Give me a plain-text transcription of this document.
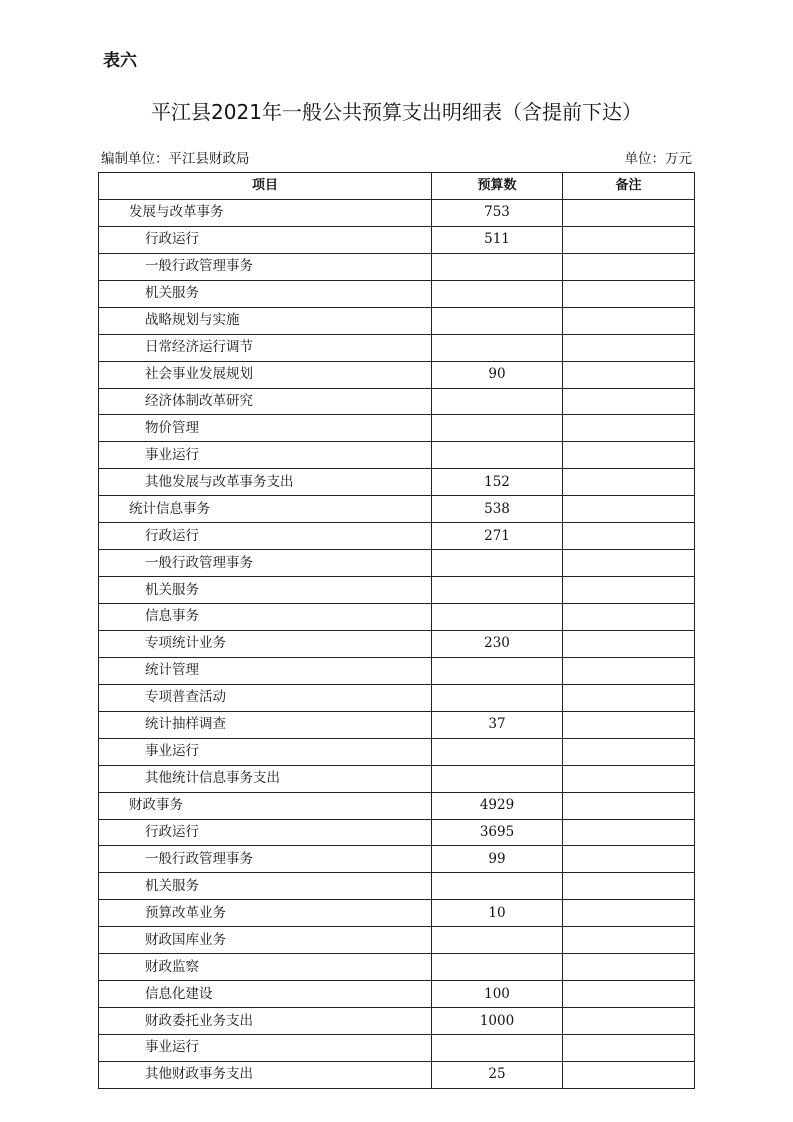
表六
平江县2021年一般公共预算支出明细表（含提前下达）
编制单位：平江县财政局	单位：万元
项目	预算数	备注
发展与改革事务	753	
行政运行	511	
一般行政管理事务		
机关服务		
战略规划与实施		
日常经济运行调节		
社会事业发展规划	90	
经济体制改革研究		
物价管理		
事业运行		
其他发展与改革事务支出	152	
统计信息事务	538	
行政运行	271	
一般行政管理事务		
机关服务		
信息事务		
专项统计业务	230	
统计管理		
专项普查活动		
统计抽样调查	37	
事业运行		
其他统计信息事务支出		
财政事务	4929	
行政运行	3695	
一般行政管理事务	99	
机关服务		
预算改革业务	10	
财政国库业务		
财政监察		
信息化建设	100	
财政委托业务支出	1000	
事业运行		
其他财政事务支出	25	
